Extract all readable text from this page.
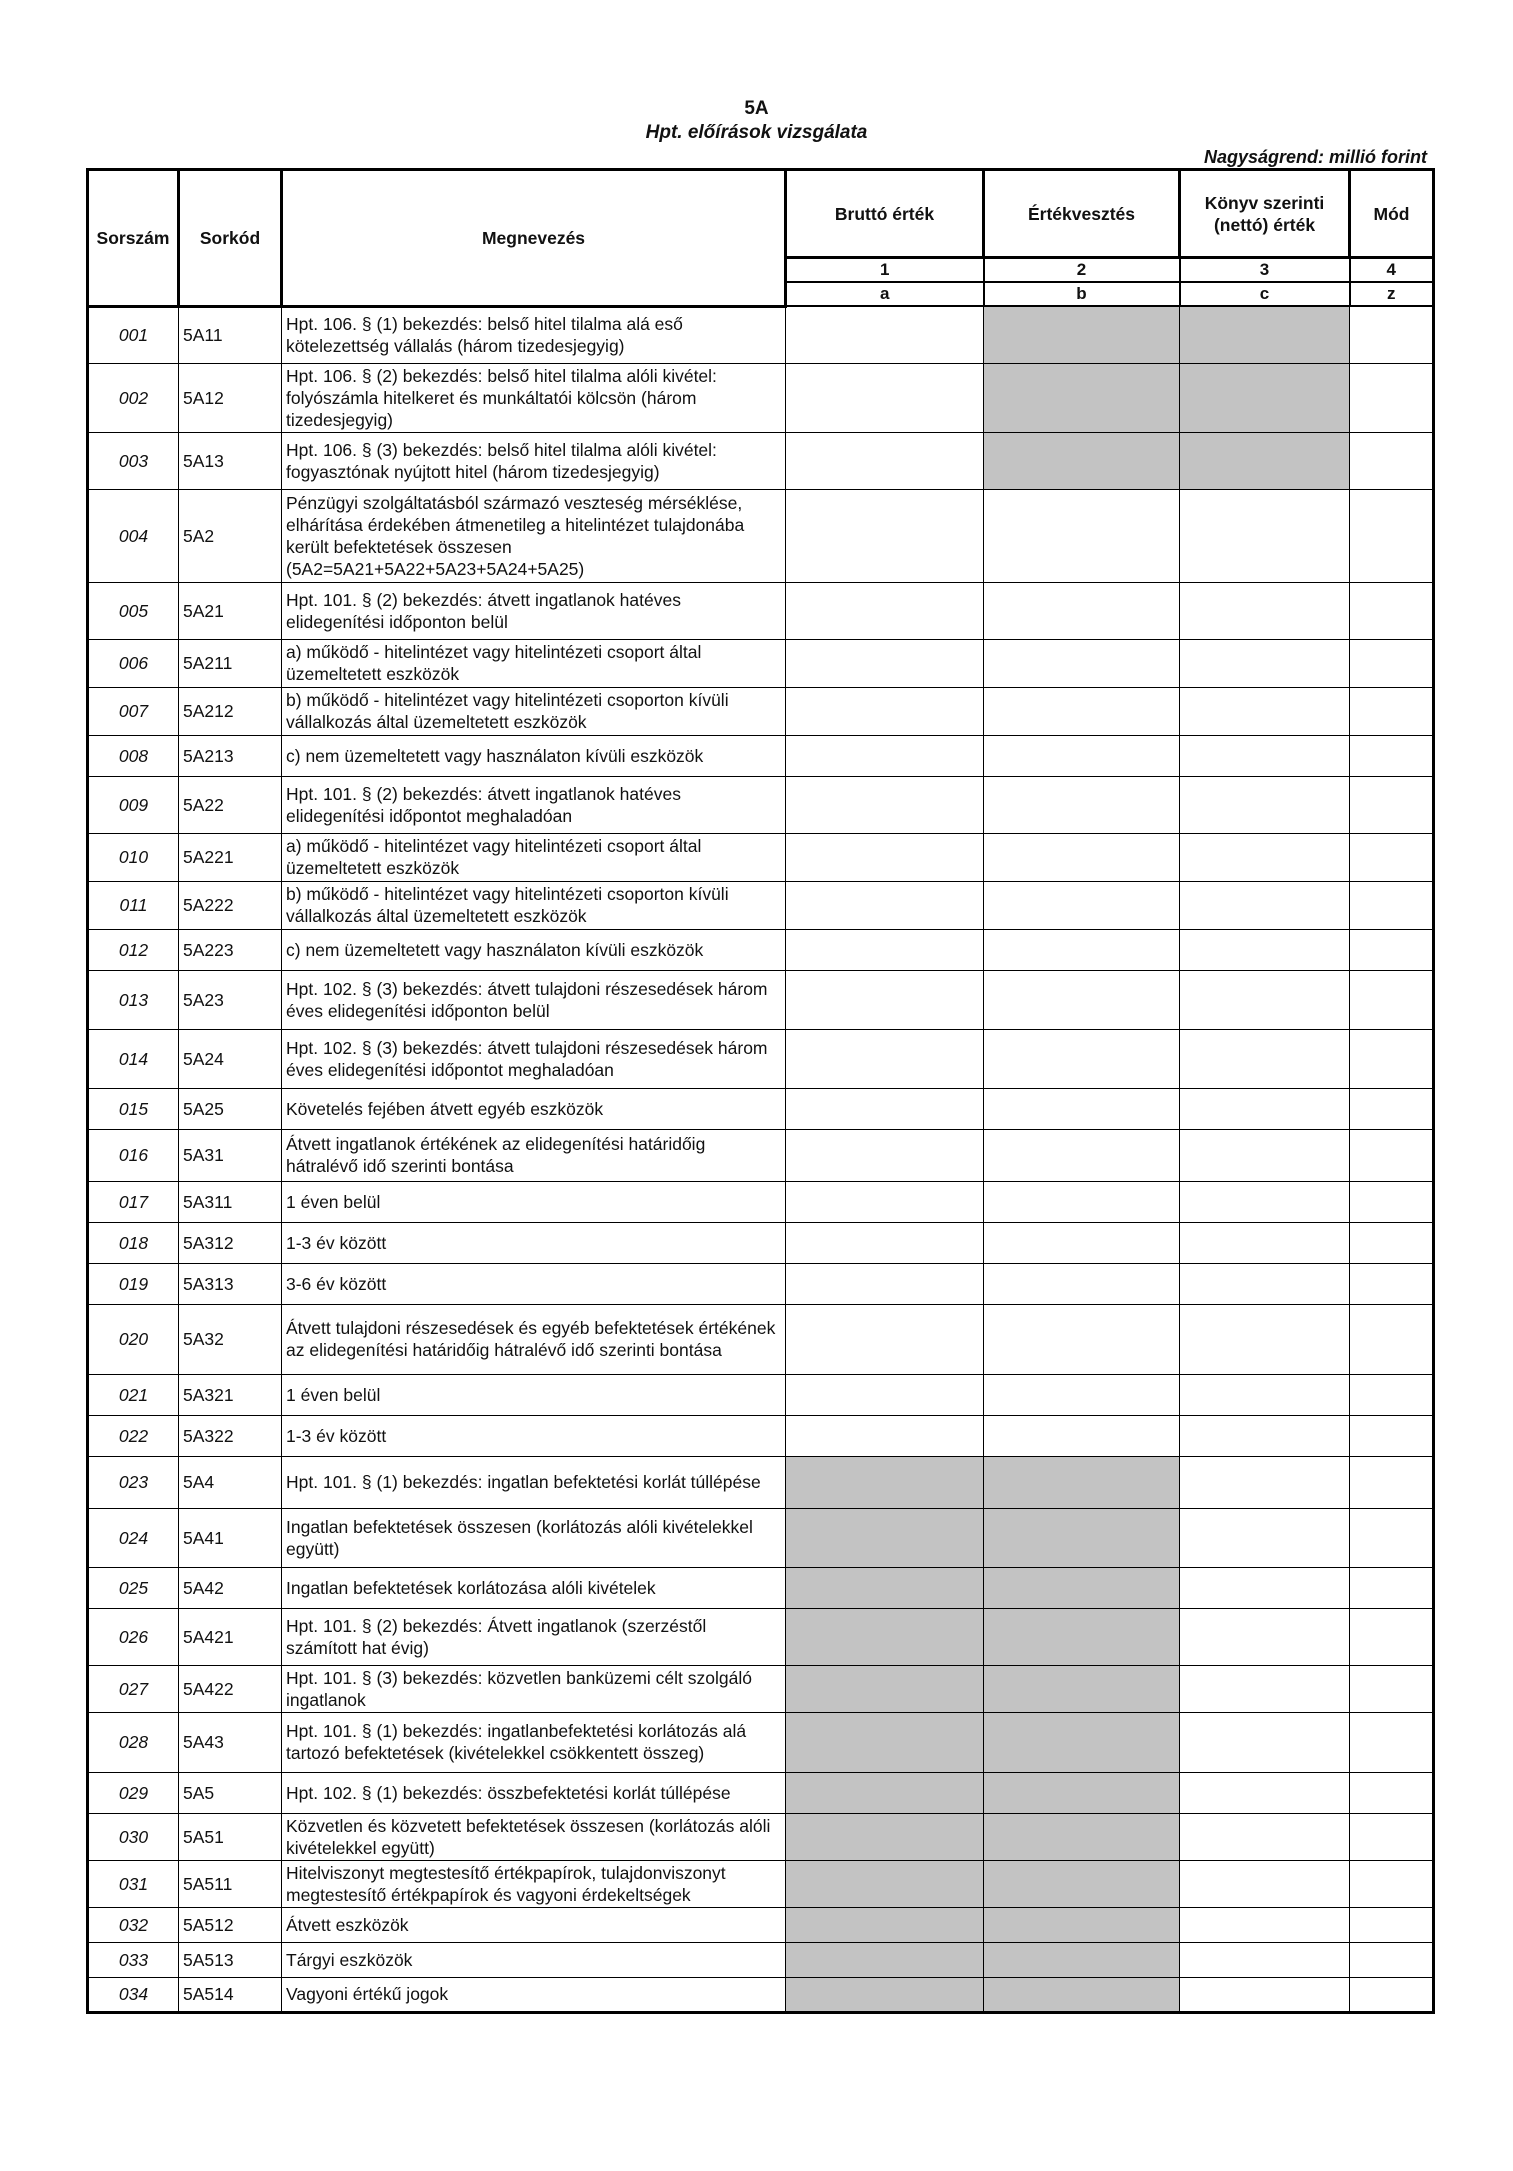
5A
Hpt. előírások vizsgálata
Nagyságrend: millió forint
Sorszám	Sorkód	Megnevezés	Bruttó érték	Értékvesztés	Könyv szerinti (nettó) érték	Mód
			1	2	3	4
			a	b	c	z
001	5A11	Hpt. 106. § (1) bekezdés: belső hitel tilalma alá eső kötelezettség vállalás (három tizedesjegyig)				
002	5A12	Hpt. 106. § (2) bekezdés: belső hitel tilalma alóli kivétel: folyószámla hitelkeret és munkáltatói kölcsön (három tizedesjegyig)				
003	5A13	Hpt. 106. § (3) bekezdés: belső hitel tilalma alóli kivétel: fogyasztónak nyújtott hitel (három tizedesjegyig)				
004	5A2	Pénzügyi szolgáltatásból származó veszteség mérséklése, elhárítása érdekében átmenetileg a hitelintézet tulajdonába került befektetések összesen (5A2=5A21+5A22+5A23+5A24+5A25)				
005	5A21	Hpt. 101. § (2) bekezdés: átvett ingatlanok hatéves elidegenítési időponton belül				
006	5A211	a) működő - hitelintézet vagy hitelintézeti csoport által üzemeltetett eszközök				
007	5A212	b) működő - hitelintézet vagy hitelintézeti csoporton kívüli vállalkozás által üzemeltetett eszközök				
008	5A213	c) nem üzemeltetett vagy használaton kívüli eszközök				
009	5A22	Hpt. 101. § (2) bekezdés: átvett ingatlanok hatéves elidegenítési időpontot meghaladóan				
010	5A221	a) működő - hitelintézet vagy hitelintézeti csoport által üzemeltetett eszközök				
011	5A222	b) működő - hitelintézet vagy hitelintézeti csoporton kívüli vállalkozás által üzemeltetett eszközök				
012	5A223	c) nem üzemeltetett vagy használaton kívüli eszközök				
013	5A23	Hpt. 102. § (3) bekezdés: átvett tulajdoni részesedések három éves elidegenítési időponton belül				
014	5A24	Hpt. 102. § (3) bekezdés: átvett tulajdoni részesedések három éves elidegenítési időpontot meghaladóan				
015	5A25	Követelés fejében átvett egyéb eszközök				
016	5A31	Átvett ingatlanok értékének az elidegenítési határidőig hátralévő idő szerinti bontása				
017	5A311	1 éven belül				
018	5A312	1-3 év között				
019	5A313	3-6 év között				
020	5A32	Átvett tulajdoni részesedések és egyéb befektetések értékének az elidegenítési határidőig hátralévő idő szerinti bontása				
021	5A321	1 éven belül				
022	5A322	1-3 év között				
023	5A4	Hpt. 101. § (1) bekezdés: ingatlan befektetési korlát túllépése				
024	5A41	Ingatlan befektetések összesen (korlátozás alóli kivételekkel együtt)				
025	5A42	Ingatlan befektetések korlátozása alóli kivételek				
026	5A421	Hpt. 101. § (2) bekezdés: Átvett ingatlanok (szerzéstől számított hat évig)				
027	5A422	Hpt. 101. § (3) bekezdés: közvetlen banküzemi célt szolgáló ingatlanok				
028	5A43	Hpt. 101. § (1) bekezdés: ingatlanbefektetési korlátozás alá tartozó befektetések (kivételekkel csökkentett összeg)				
029	5A5	Hpt. 102. § (1) bekezdés: összbefektetési korlát túllépése				
030	5A51	Közvetlen és közvetett befektetések összesen (korlátozás alóli kivételekkel együtt)				
031	5A511	Hitelviszonyt megtestesítő értékpapírok, tulajdonviszonyt megtestesítő értékpapírok és vagyoni érdekeltségek				
032	5A512	Átvett eszközök				
033	5A513	Tárgyi eszközök				
034	5A514	Vagyoni értékű jogok				
